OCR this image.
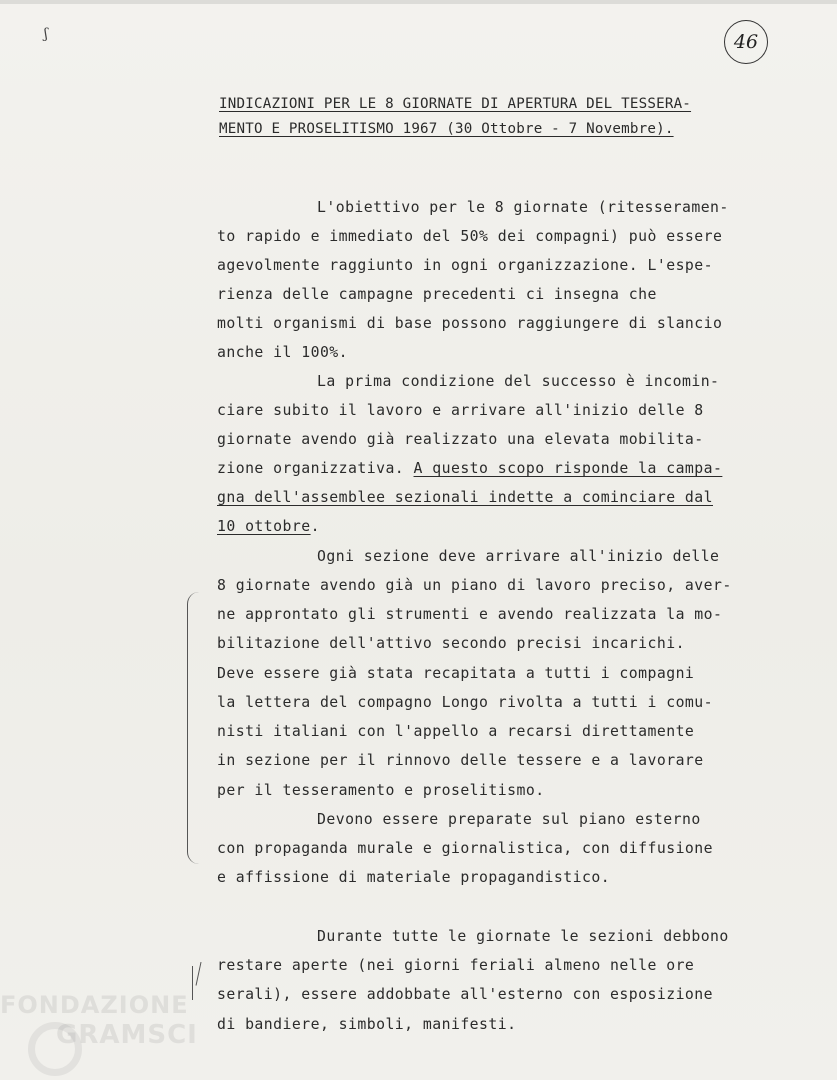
ʃ	46
INDICAZIONI PER LE 8 GIORNATE DI APERTURA DEL TESSERA-
MENTO E PROSELITISMO 1967 (30 Ottobre - 7 Novembre).
L'obiettivo per le 8 giornate (ritesseramen-
to rapido e immediato del 50% dei compagni) può essere
agevolmente raggiunto in ogni organizzazione. L'espe-
rienza delle campagne precedenti ci insegna che
molti organismi di base possono raggiungere di slancio
anche il 100%.
La prima condizione del successo è incomin-
ciare subito il lavoro e arrivare all'inizio delle 8
giornate avendo già realizzato una elevata mobilita-
zione organizzativa. A questo scopo risponde la campa-
gna dell'assemblee sezionali indette a cominciare dal
10 ottobre.
Ogni sezione deve arrivare all'inizio delle
8 giornate avendo già un piano di lavoro preciso, aver-
ne approntato gli strumenti e avendo realizzata la mo-
bilitazione dell'attivo secondo precisi incarichi.
Deve essere già stata recapitata a tutti i compagni
la lettera del compagno Longo rivolta a tutti i comu-
nisti italiani con l'appello a recarsi direttamente
in sezione per il rinnovo delle tessere e a lavorare
per il tesseramento e proselitismo.
Devono essere preparate sul piano esterno
con propaganda murale e giornalistica, con diffusione
e affissione di materiale propagandistico.
Durante tutte le giornate le sezioni debbono
restare aperte (nei giorni feriali almeno nelle ore
serali), essere addobbate all'esterno con esposizione
di bandiere, simboli, manifesti.
FONDAZIONE
GRAMSCI
